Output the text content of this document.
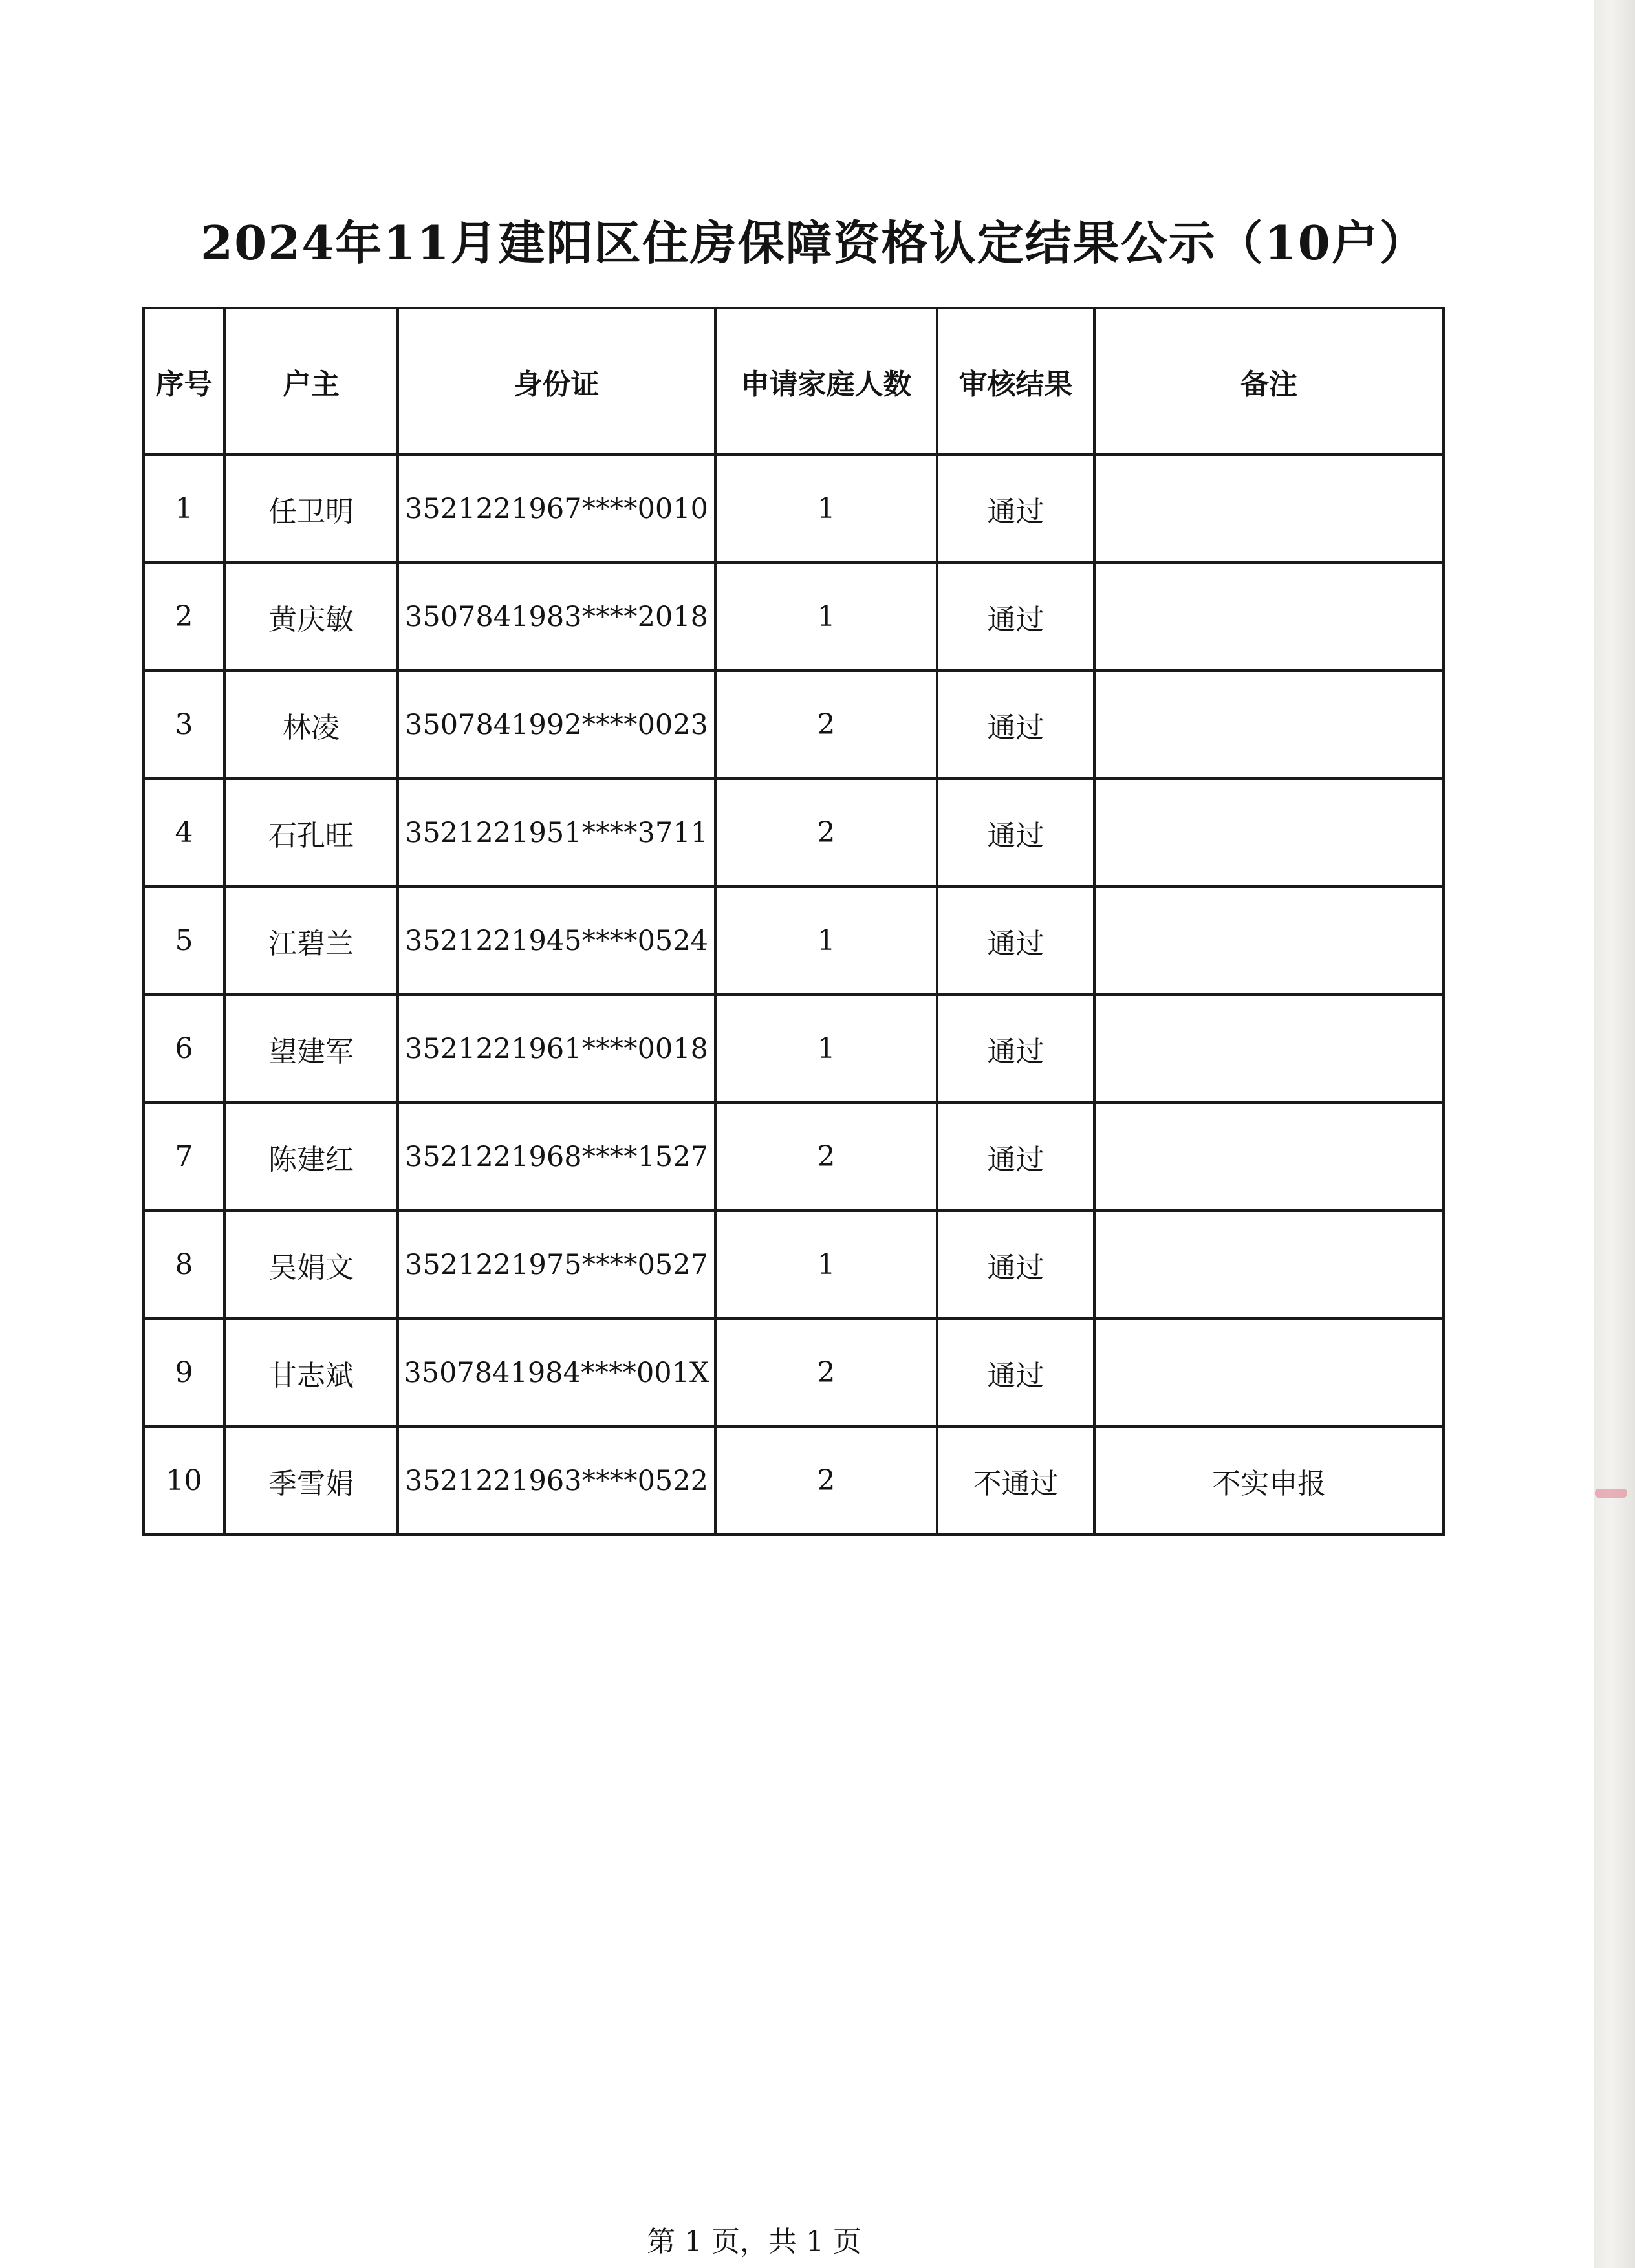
2024年11月建阳区住房保障资格认定结果公示（10户）
序号	户主	身份证	申请家庭人数	审核结果	备注
1	任卫明	3521221967****0010	1	通过	
2	黄庆敏	3507841983****2018	1	通过	
3	林凌	3507841992****0023	2	通过	
4	石孔旺	3521221951****3711	2	通过	
5	江碧兰	3521221945****0524	1	通过	
6	望建军	3521221961****0018	1	通过	
7	陈建红	3521221968****1527	2	通过	
8	吴娟文	3521221975****0527	1	通过	
9	甘志斌	3507841984****001X	2	通过	
10	季雪娟	3521221963****0522	2	不通过	不实申报
第 1 页，共 1 页
